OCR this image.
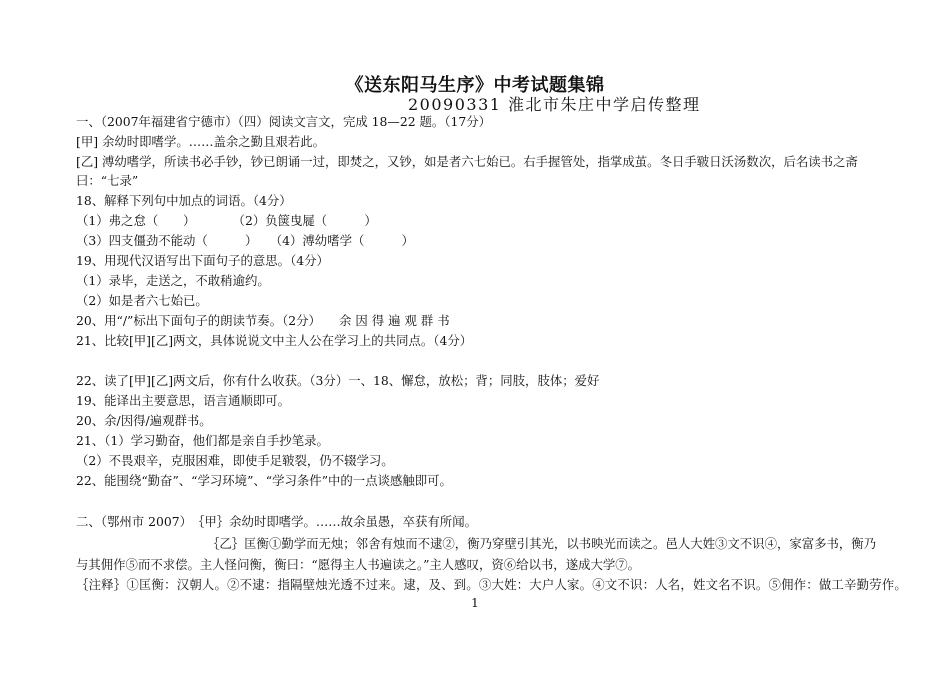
《送东阳马生序》中考试题集锦
20090331 淮北市朱庄中学启传整理
一、（2007年福建省宁德市）（四）阅读文言文，完成 18—22 题。（17分）
[甲] 余幼时即嗜学。……盖余之勤且艰若此。
[乙] 溥幼嗜学，所读书必手钞，钞已朗诵一过，即焚之，又钞，如是者六七始已。右手握管处，指掌成茧。冬日手皲日沃汤数次，后名读书之斋
曰：“七录”
18、解释下列句中加点的词语。（4分）
（1）弗之怠（　　）　　　　（2）负箧曳屣（　　　）
（3）四支僵劲不能动（　　　）　　（4）溥幼嗜学（　　　）
19、用现代汉语写出下面句子的意思。（4分）
（1）录毕，走送之，不敢稍逾约。
（2）如是者六七始已。
20、用“/”标出下面句子的朗读节奏。（2分） 余因得遍观群书
21、比较[甲][乙]两文，具体说说文中主人公在学习上的共同点。（4分）
22、读了[甲][乙]两文后，你有什么收获。（3分）一、18、懈怠，放松；背；同肢，肢体；爱好
19、能译出主要意思，语言通顺即可。
20、余/因得/遍观群书。
21、（1）学习勤奋，他们都是亲自手抄笔录。
（2）不畏艰辛，克服困难，即使手足皲裂，仍不辍学习。
22、能围绕“勤奋”、“学习环境”、“学习条件”中的一点谈感触即可。
二、（鄂州市 2007）　｛甲｝余幼时即嗜学。……故余虽愚，卒获有所闻。
｛乙｝匡衡①勤学而无烛；邻舍有烛而不逮②，衡乃穿壁引其光，以书映光而读之。邑人大姓③文不识④，家富多书，衡乃
与其佣作⑤而不求偿。主人怪问衡，衡曰：“愿得主人书遍读之。”主人感叹，资⑥给以书，遂成大学⑦。
｛注释｝①匡衡：汉朝人。②不逮：指隔壁烛光透不过来。逮，及、到。③大姓：大户人家。④文不识：人名，姓文名不识。⑤佣作：做工辛勤劳作。
1
